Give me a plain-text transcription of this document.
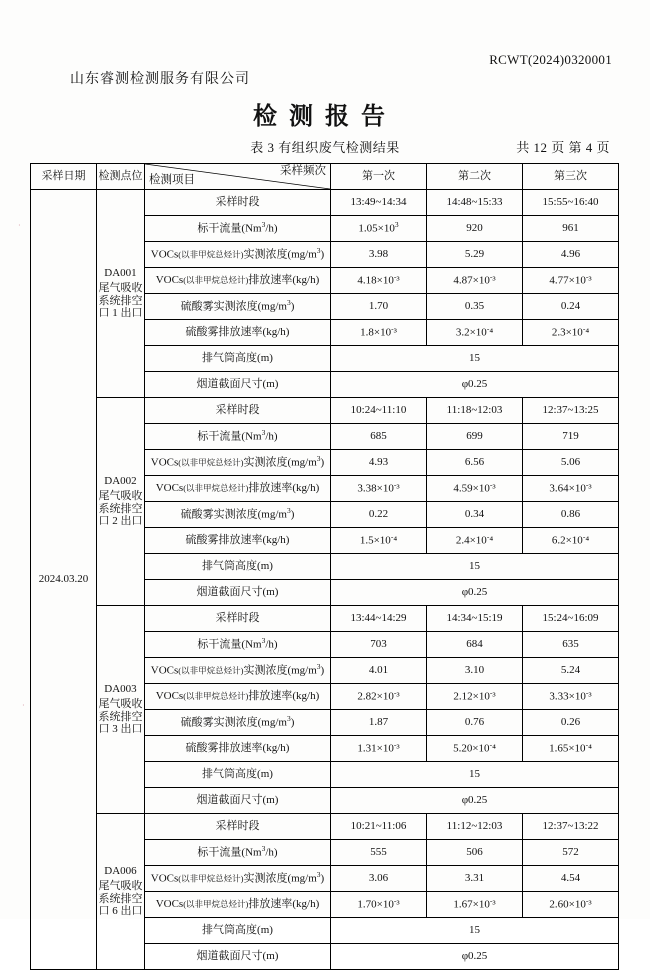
RCWT(2024)0320001
山东睿测检测服务有限公司
检测报告
表 3 有组织废气检测结果	共 12 页 第 4 页
采样日期	检测点位	检测项目
采样频次	第一次	第二次	第三次
2024.03.20	DA001
尾气吸收
系统排空
口 1 出口	采样时段	13:49~14:34	14:48~15:33	15:55~16:40
		标干流量(Nm$^3$/h)	$1.05\times 10^3$	920	961
		VOCs(以非甲烷总烃计)实测浓度$(mg/m^3)$	3.98	5.29	4.96
		VOCs(以非甲烷总烃计)排放速率(kg/h)	4.18×10-³	4.87×10-³	4.77×10-³
		硫酸雾实测浓度$(mg/m^3)$	1.70	0.35	0.24
		硫酸雾排放速率(kg/h)	1.8×10-³	3.2×10-⁴	2.3×10-⁴
		排气筒高度(m)	15		
		烟道截面尺寸(m)	φ0.25		

	DA002
尾气吸收
系统排空
口 2 出口	采样时段	10:24~11:10	11:18~12:03	12:37~13:25
		标干流量(Nm$^3$/h)	685	699	719
		VOCs(以非甲烷总烃计)实测浓度$(mg/m^3)$	4.93	6.56	5.06
		VOCs(以非甲烷总烃计)排放速率(kg/h)	3.38×10-³	4.59×10-³	3.64×10-³
		硫酸雾实测浓度$(mg/m^3)$	0.22	0.34	0.86
		硫酸雾排放速率(kg/h)	1.5×10-⁴	2.4×10-⁴	6.2×10-⁴
		排气筒高度(m)	15		
		烟道截面尺寸(m)	φ0.25		

	DA003
尾气吸收
系统排空
口 3 出口	采样时段	13:44~14:29	14:34~15:19	15:24~16:09
		标干流量(Nm$^3$/h)	703	684	635
		VOCs(以非甲烷总烃计)实测浓度$(mg/m^3)$	4.01	3.10	5.24
		VOCs(以非甲烷总烃计)排放速率(kg/h)	2.82×10-³	2.12×10-³	3.33×10-³
		硫酸雾实测浓度$(mg/m^3)$	1.87	0.76	0.26
		硫酸雾排放速率(kg/h)	1.31×10-³	5.20×10-⁴	1.65×10-⁴
		排气筒高度(m)	15		
		烟道截面尺寸(m)	φ0.25		

	DA006
尾气吸收
系统排空
口 6 出口	采样时段	10:21~11:06	11:12~12:03	12:37~13:22
		标干流量(Nm$^3$/h)	555	506	572
		VOCs(以非甲烷总烃计)实测浓度$(mg/m^3)$	3.06	3.31	4.54
		VOCs(以非甲烷总烃计)排放速率(kg/h)	1.70×10-³	1.67×10-³	2.60×10-³
		排气筒高度(m)	15		
		烟道截面尺寸(m)	φ0.25		
·
·
